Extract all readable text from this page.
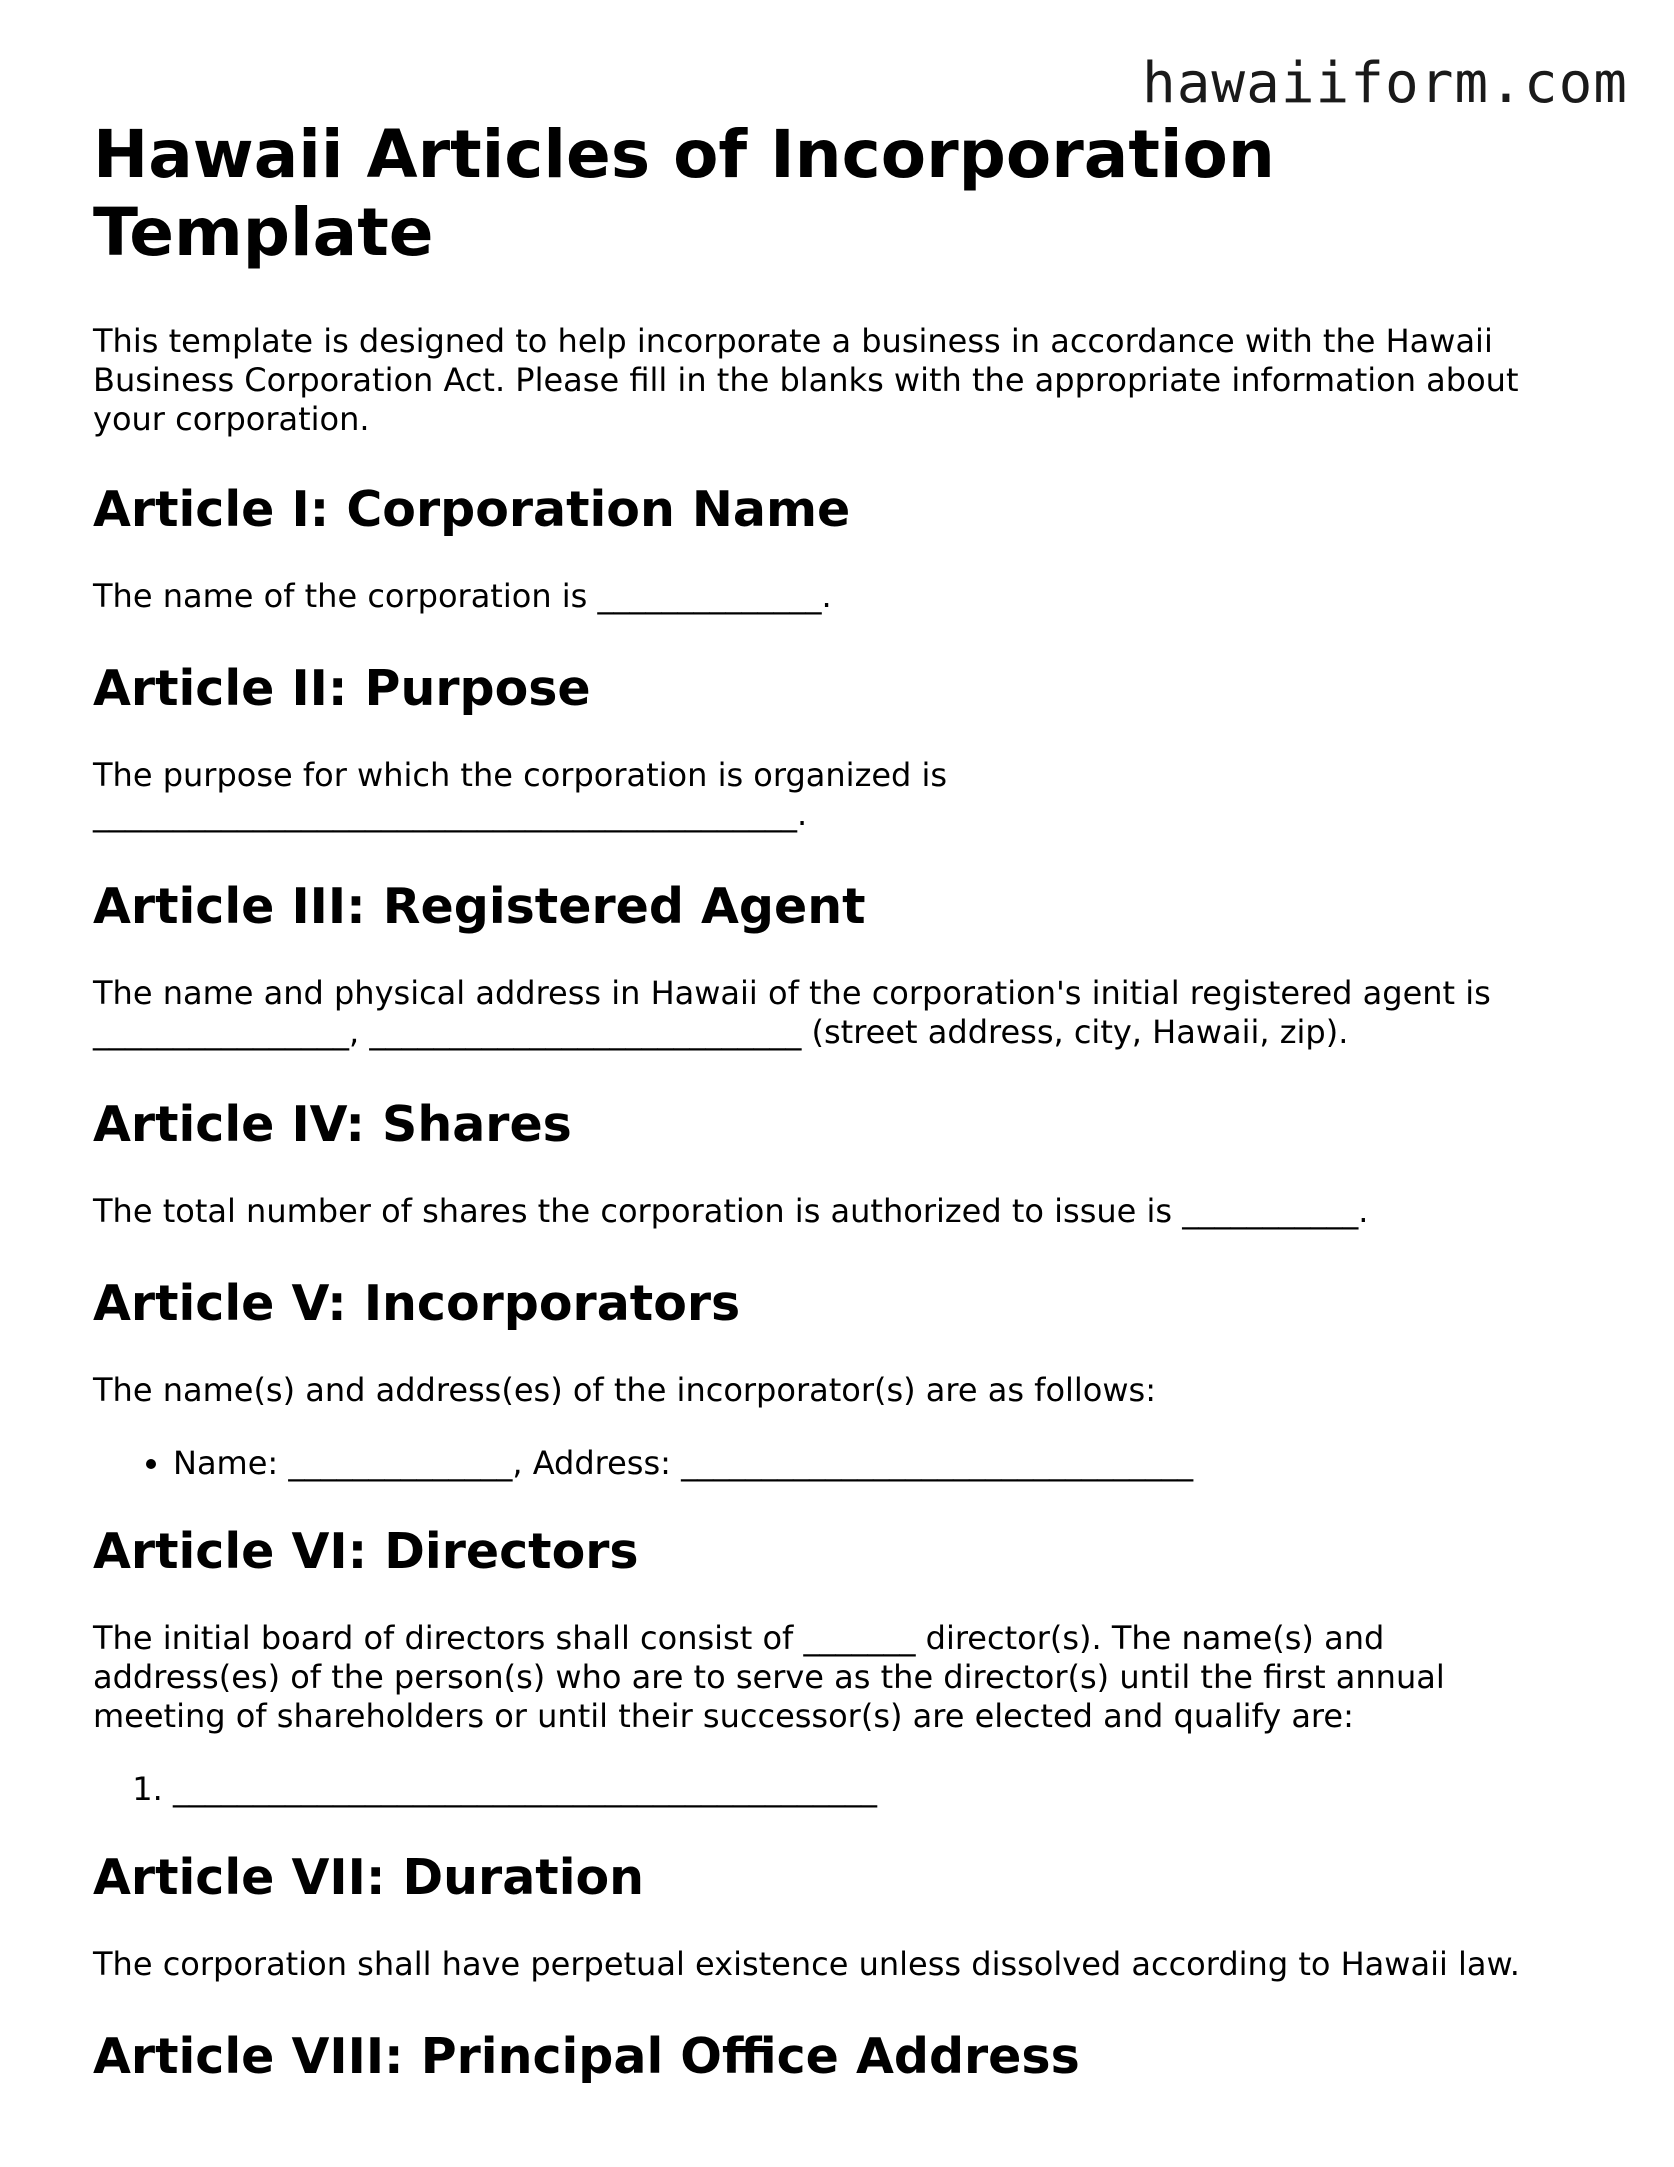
hawaiiform.com
Hawaii Articles of Incorporation Template

This template is designed to help incorporate a business in accordance with the Hawaii Business Corporation Act. Please fill in the blanks with the appropriate information about your corporation.

Article I: Corporation Name

The name of the corporation is ______________.

Article II: Purpose

The purpose for which the corporation is organized is ____________________________________________.

Article III: Registered Agent

The name and physical address in Hawaii of the corporation's initial registered agent is ________________, ___________________________ (street address, city, Hawaii, zip).

Article IV: Shares

The total number of shares the corporation is authorized to issue is ___________.

Article V: Incorporators

The name(s) and address(es) of the incorporator(s) are as follows:

• Name: ______________, Address: ________________________________
Article VI: Directors

The initial board of directors shall consist of _______ director(s). The name(s) and address(es) of the person(s) who are to serve as the director(s) until the first annual meeting of shareholders or until their successor(s) are elected and qualify are:

1. ____________________________________________
Article VII: Duration

The corporation shall have perpetual existence unless dissolved according to Hawaii law.

Article VIII: Principal Office Address
